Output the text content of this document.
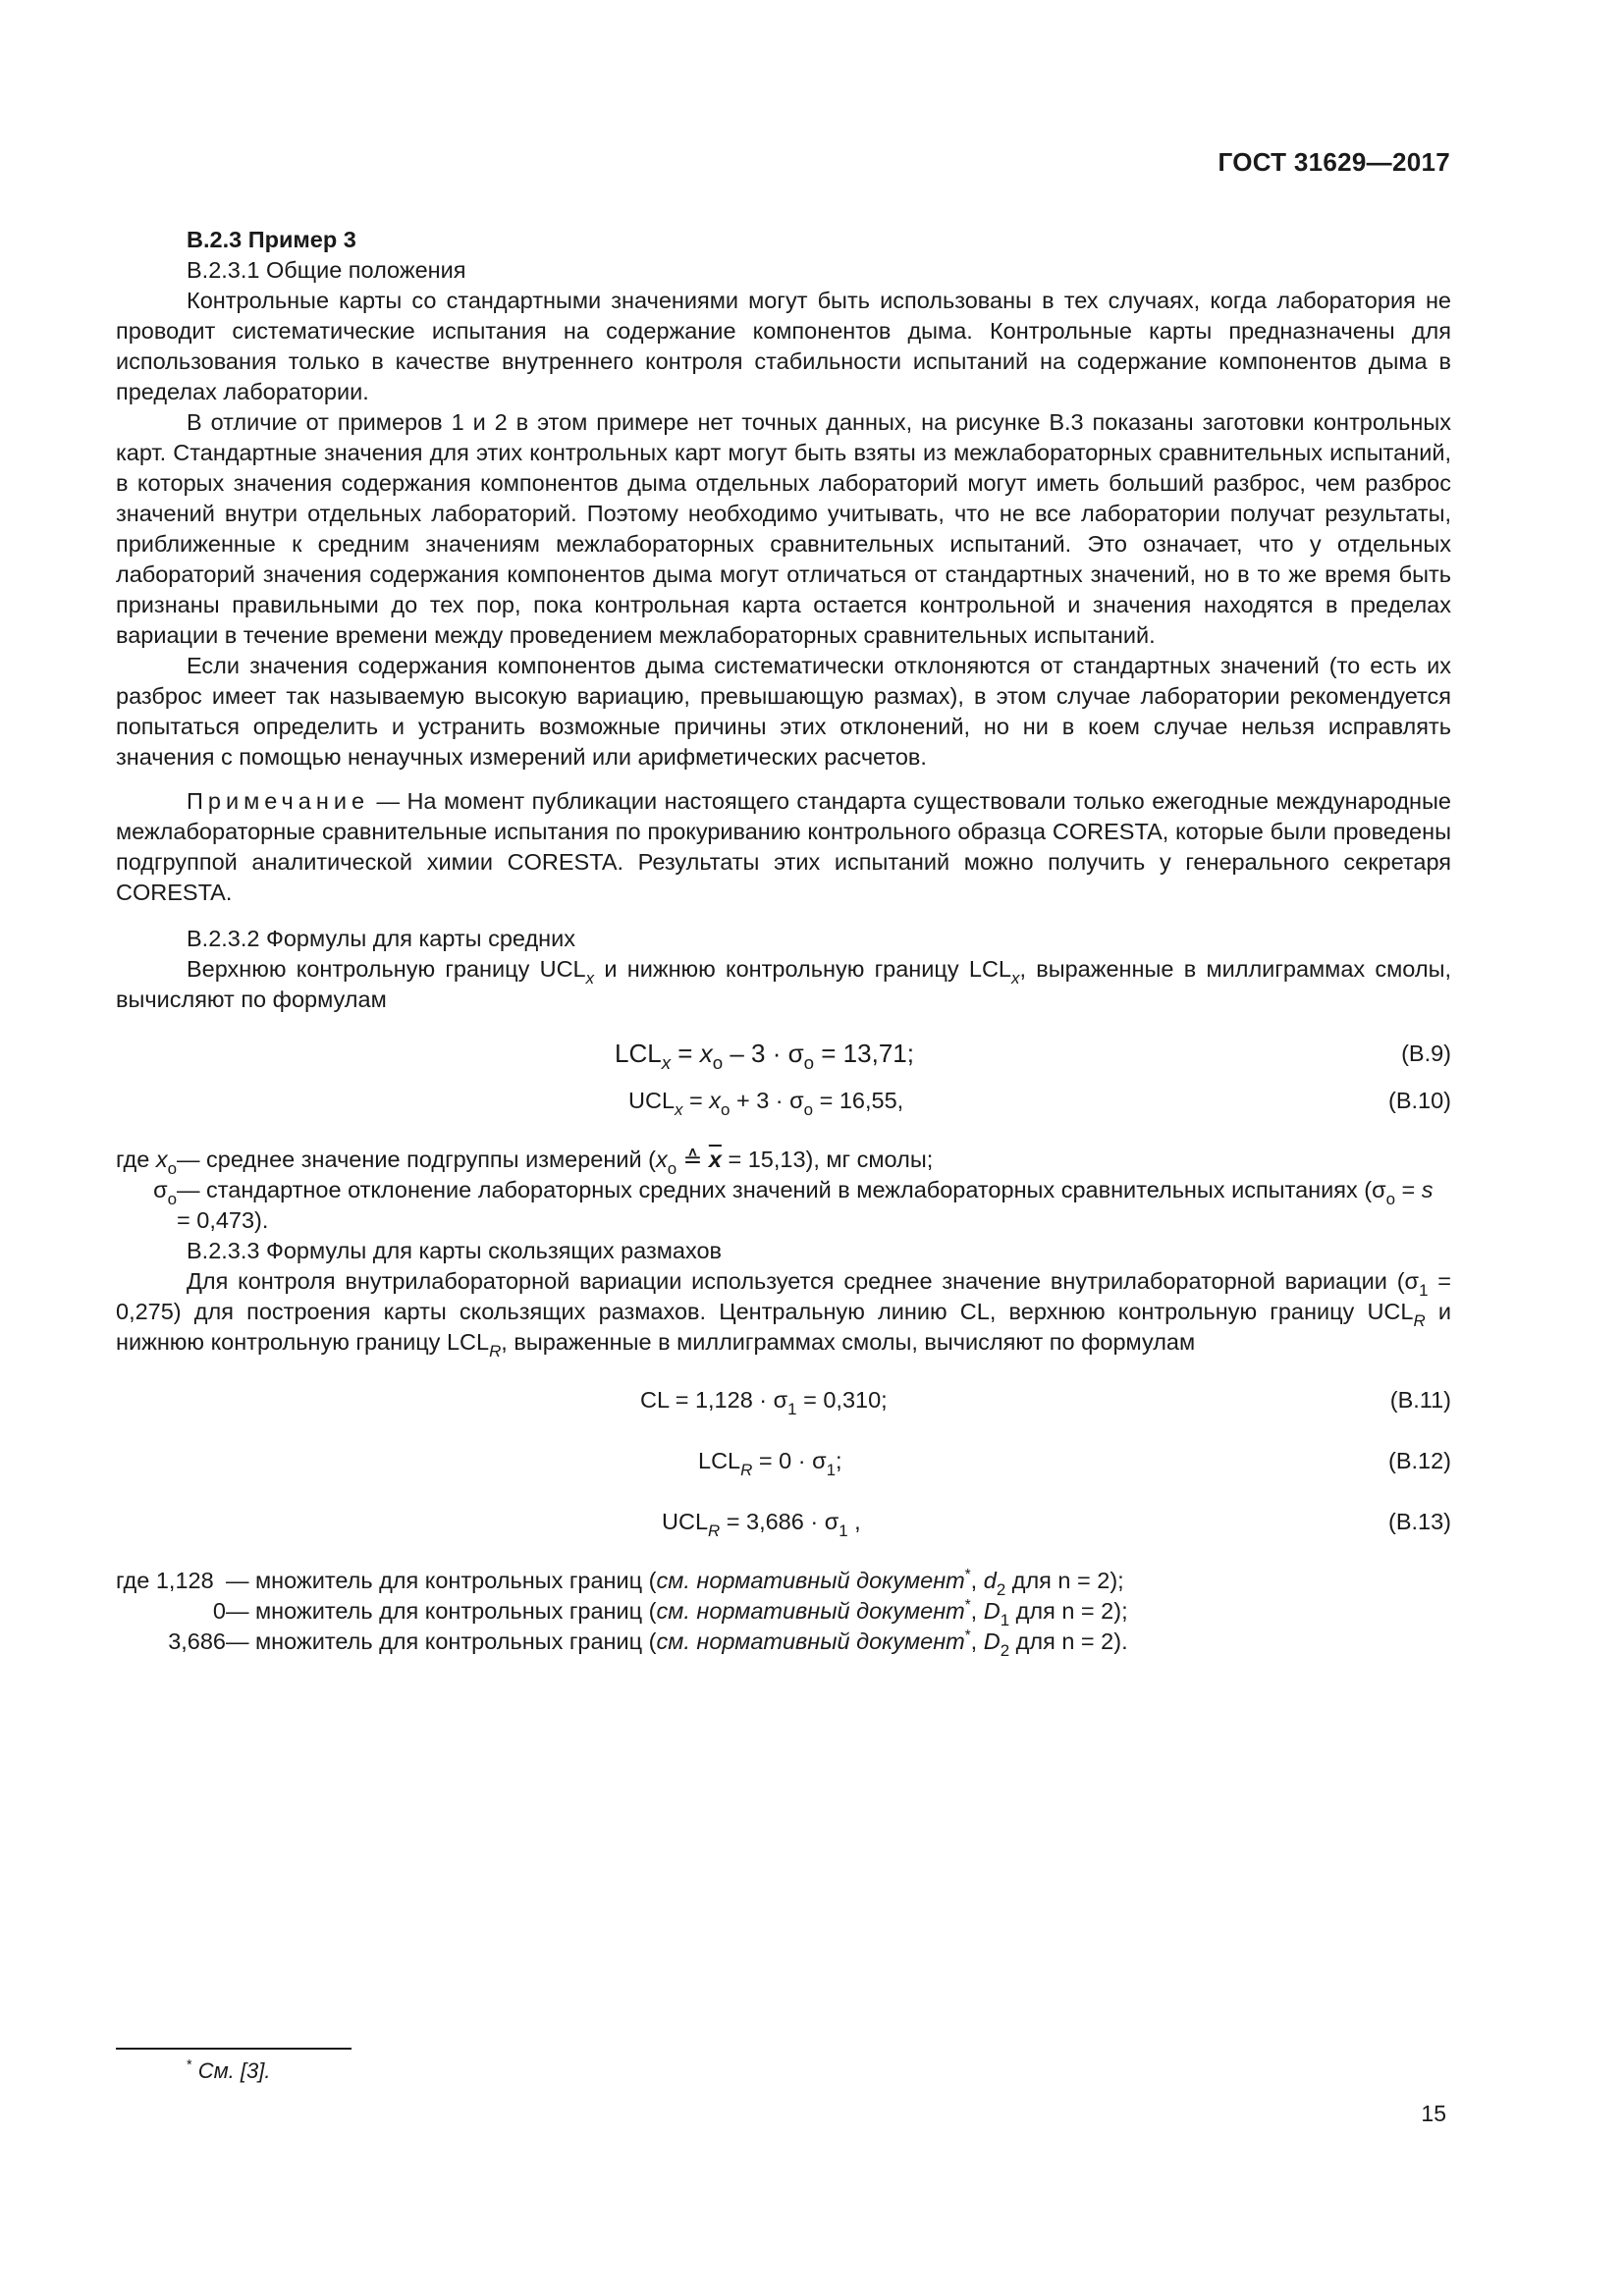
ГОСТ 31629—2017

B.2.3 Пример 3

B.2.3.1 Общие положения

Контрольные карты со стандартными значениями могут быть использованы в тех случаях, когда лаборатория не проводит систематические испытания на содержание компонентов дыма. Контрольные карты предназначены для использования только в качестве внутреннего контроля стабильности испытаний на содержание компонентов дыма в пределах лаборатории.

В отличие от примеров 1 и 2 в этом примере нет точных данных, на рисунке B.3 показаны заготовки контрольных карт. Стандартные значения для этих контрольных карт могут быть взяты из межлабораторных сравнительных испытаний, в которых значения содержания компонентов дыма отдельных лабораторий могут иметь больший разброс, чем разброс значений внутри отдельных лабораторий. Поэтому необходимо учитывать, что не все лаборатории получат результаты, приближенные к средним значениям межлабораторных сравнительных испытаний. Это означает, что у отдельных лабораторий значения содержания компонентов дыма могут отличаться от стандартных значений, но в то же время быть признаны правильными до тех пор, пока контрольная карта остается контрольной и значения находятся в пределах вариации в течение времени между проведением межлабораторных сравнительных испытаний.

Если значения содержания компонентов дыма систематически отклоняются от стандартных значений (то есть их разброс имеет так называемую высокую вариацию, превышающую размах), в этом случае лаборатории рекомендуется попытаться определить и устранить возможные причины этих отклонений, но ни в коем случае нельзя исправлять значения с помощью ненаучных измерений или арифметических расчетов.

Примечание — На момент публикации настоящего стандарта существовали только ежегодные международные межлабораторные сравнительные испытания по прокуриванию контрольного образца CORESTA, которые были проведены подгруппой аналитической химии CORESTA. Результаты этих испытаний можно получить у генерального секретаря CORESTA.

B.2.3.2 Формулы для карты средних

Верхнюю контрольную границу $UCL_x$ и нижнюю контрольную границу $LCL_x$, выраженные в миллиграммах смолы, вычисляют по формулам

$LCL_x = x_o - 3 \cdot \sigma_o = 13,71$;	(B.9)
$UCL_x = x_o + 3 \cdot \sigma_o = 16,55$,	(B.10)
где $x_o$ — среднее значение подгруппы измерений ($x_o$ ≙ $\overline{x} = 15,13$), мг смолы;
$\sigma_o$ — стандартное отклонение лабораторных средних значений в межлабораторных сравнительных испытаниях $(\sigma_o = s = 0,473)$.

B.2.3.3 Формулы для карты скользящих размахов

Для контроля внутрилабораторной вариации используется среднее значение внутрилабораторной вариации $(\sigma_1 = 0,275)$ для построения карты скользящих размахов. Центральную линию CL, верхнюю контрольную границу $UCL_R$ и нижнюю контрольную границу $LCL_R$, выраженные в миллиграммах смолы, вычисляют по формулам

CL = $1,128 \cdot \sigma_1 = 0,310$;	(B.11)
$LCL_R = 0 \cdot \sigma_1$;	(B.12)
$UCL_R = 3,686 \cdot \sigma_1$ ,	(B.13)
где 1,128 — множитель для контрольных границ (см. нормативный документ*, $d_2$ для n = 2);
0 — множитель для контрольных границ (см. нормативный документ*, $D_1$ для n = 2);
3,686 — множитель для контрольных границ (см. нормативный документ*, $D_2$ для n = 2).
* См. [3].
15
